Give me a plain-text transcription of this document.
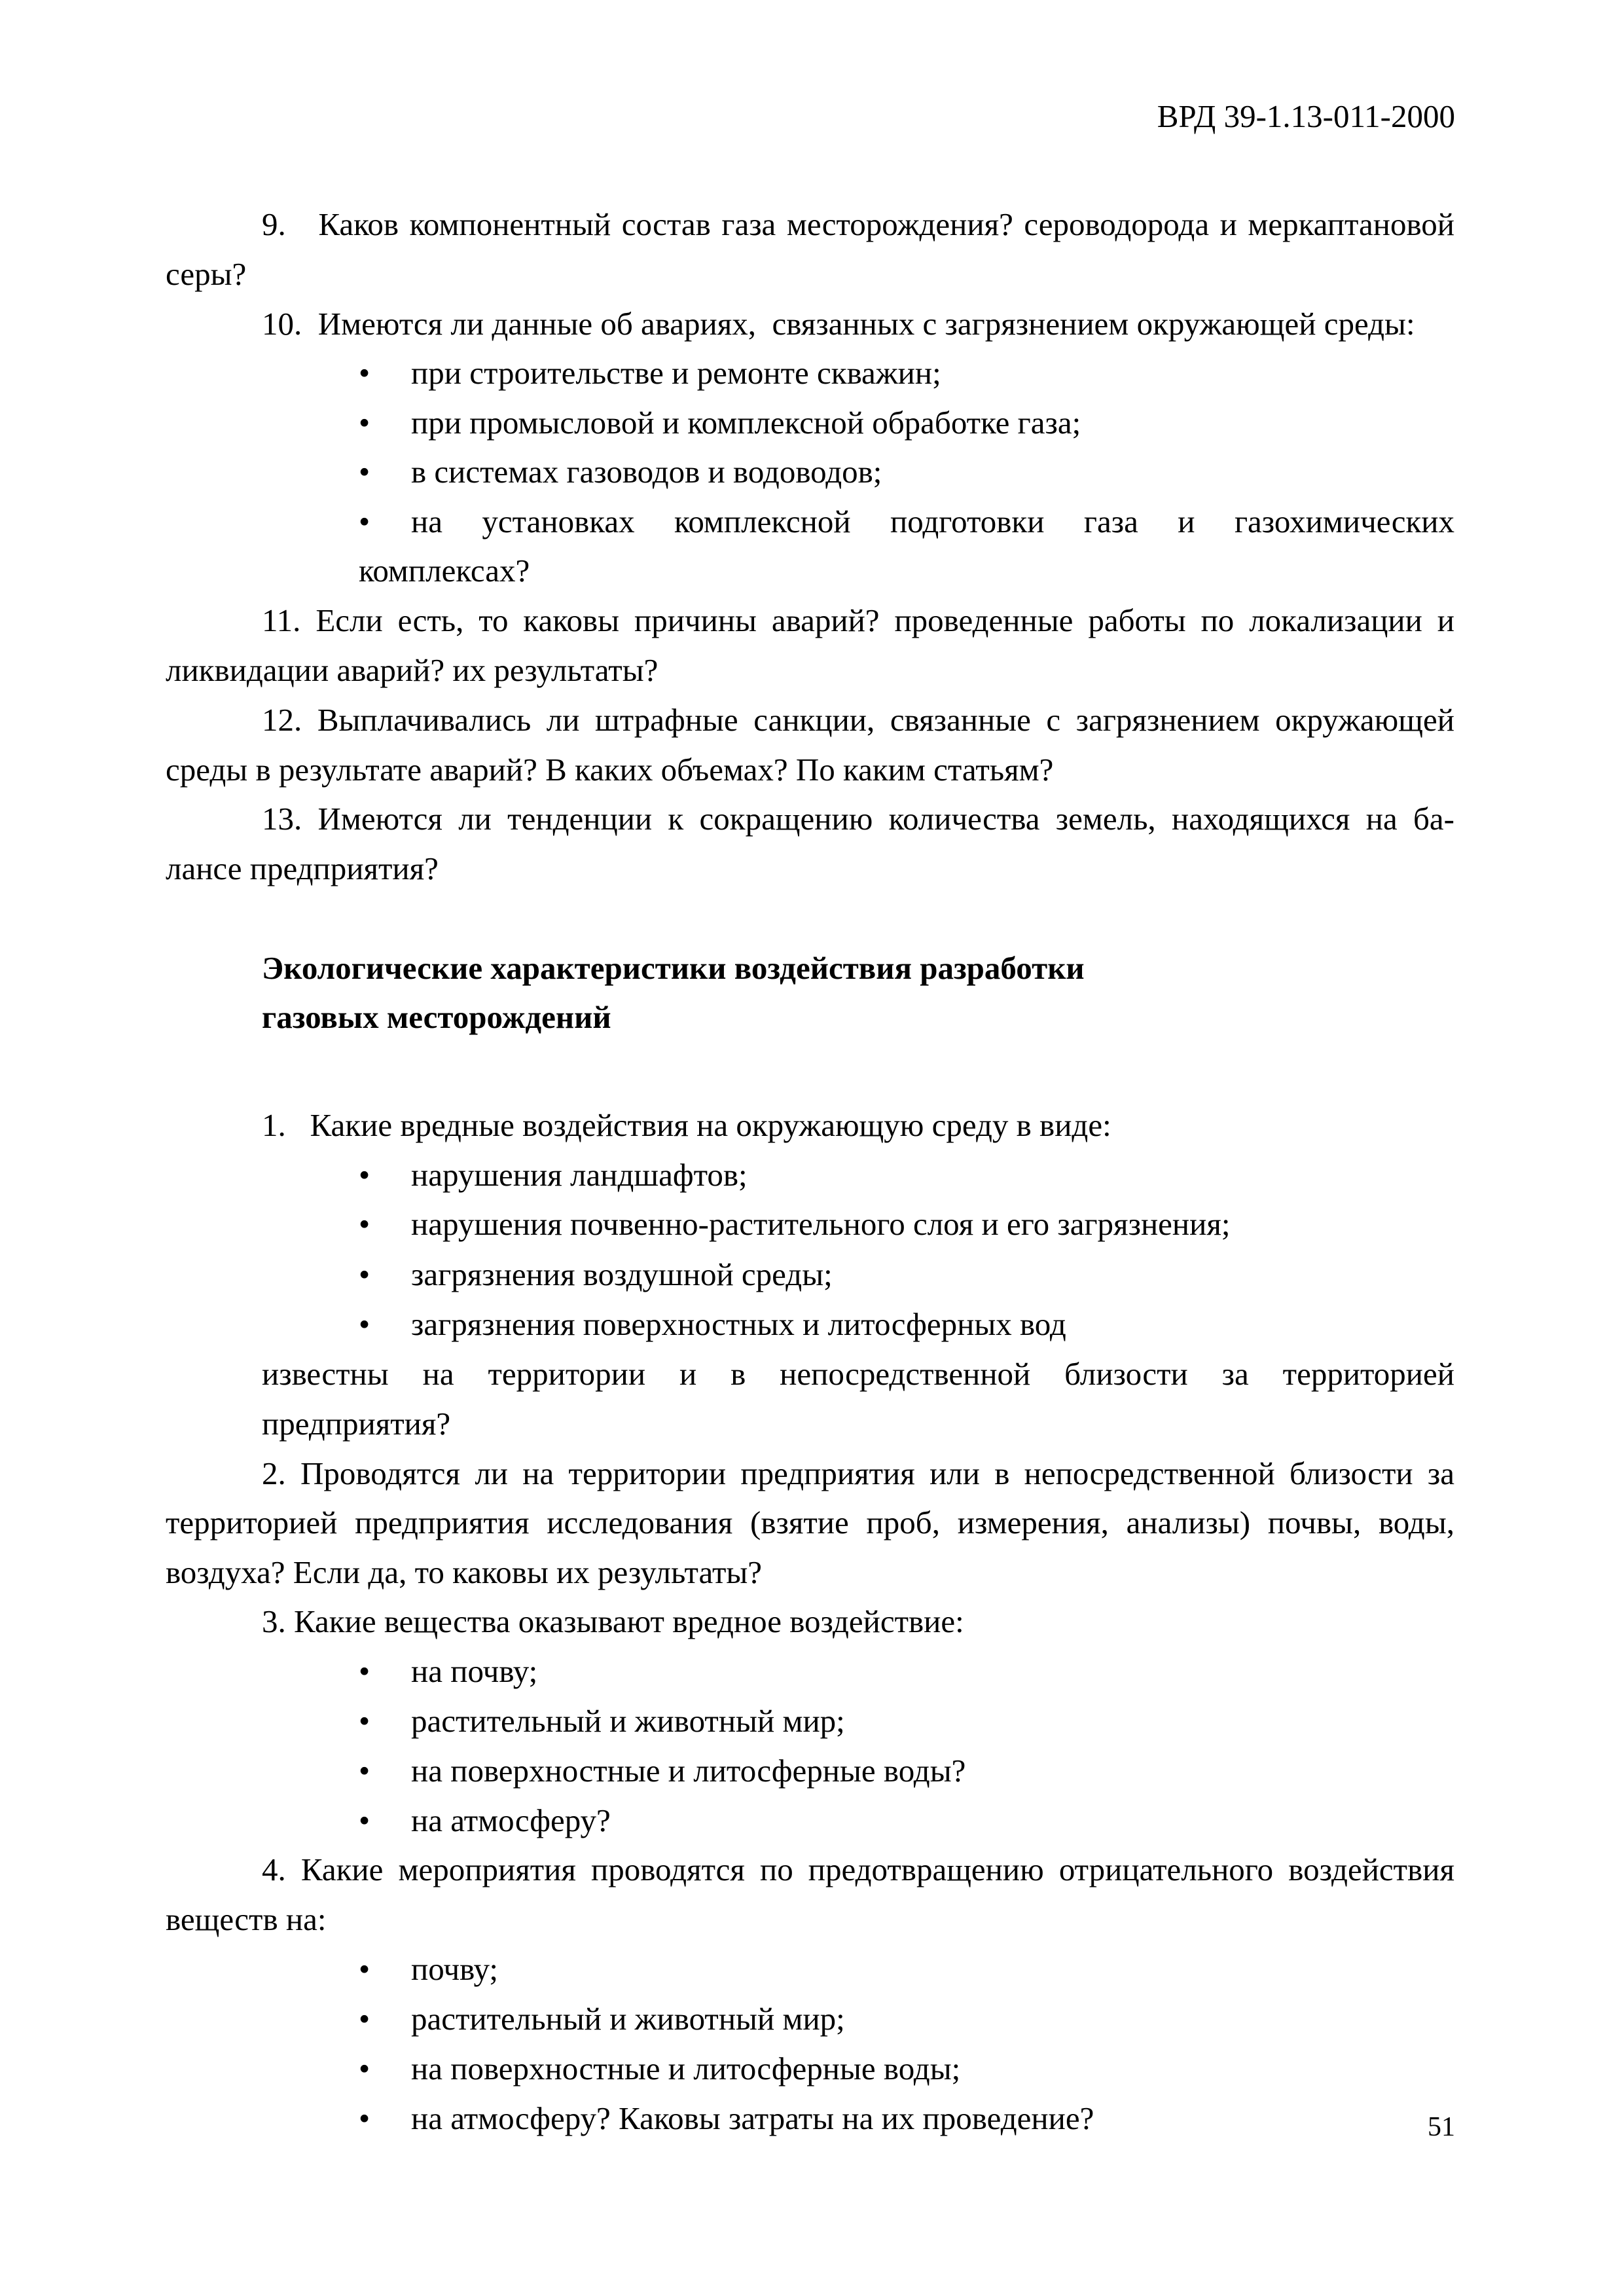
ВРД 39-1.13-011-2000
9.   Каков компонентный состав газа месторождения? сероводорода и меркаптановой
серы?
10.  Имеются ли данные об авариях,  связанных с загрязнением окружающей среды:
• при строительстве и ремонте скважин;
• при промысловой и комплексной обработке газа;
• в системах газоводов и водоводов;
• на установках комплексной подготовки газа и газохимических
комплексах?
11. Если есть, то каковы причины аварий? проведенные работы по локализации и
ликвидации аварий? их результаты?
12. Выплачивались ли штрафные санкции, связанные с загрязнением окружающей
среды в результате аварий? В каких объемах? По каким статьям?
13. Имеются ли тенденции к сокращению количества земель, находящихся на ба-
лансе предприятия?
Экологические характеристики воздействия разработки
газовых месторождений
1.   Какие вредные воздействия на окружающую среду в виде:
• нарушения ландшафтов;
• нарушения почвенно-растительного слоя и его загрязнения;
• загрязнения воздушной среды;
• загрязнения поверхностных и литосферных вод
известны на территории и в непосредственной близости за территорией
предприятия?
2. Проводятся ли на территории предприятия или в непосредственной близости за
территорией предприятия исследования (взятие проб, измерения, анализы) почвы, воды,
воздуха? Если да, то каковы их результаты?
3. Какие вещества оказывают вредное воздействие:
• на почву;
• растительный и животный мир;
• на поверхностные и литосферные воды?
• на атмосферу?
4. Какие мероприятия проводятся по предотвращению отрицательного воздействия
веществ на:
• почву;
• растительный и животный мир;
• на поверхностные и литосферные воды;
• на атмосферу? Каковы затраты на их проведение?	51
